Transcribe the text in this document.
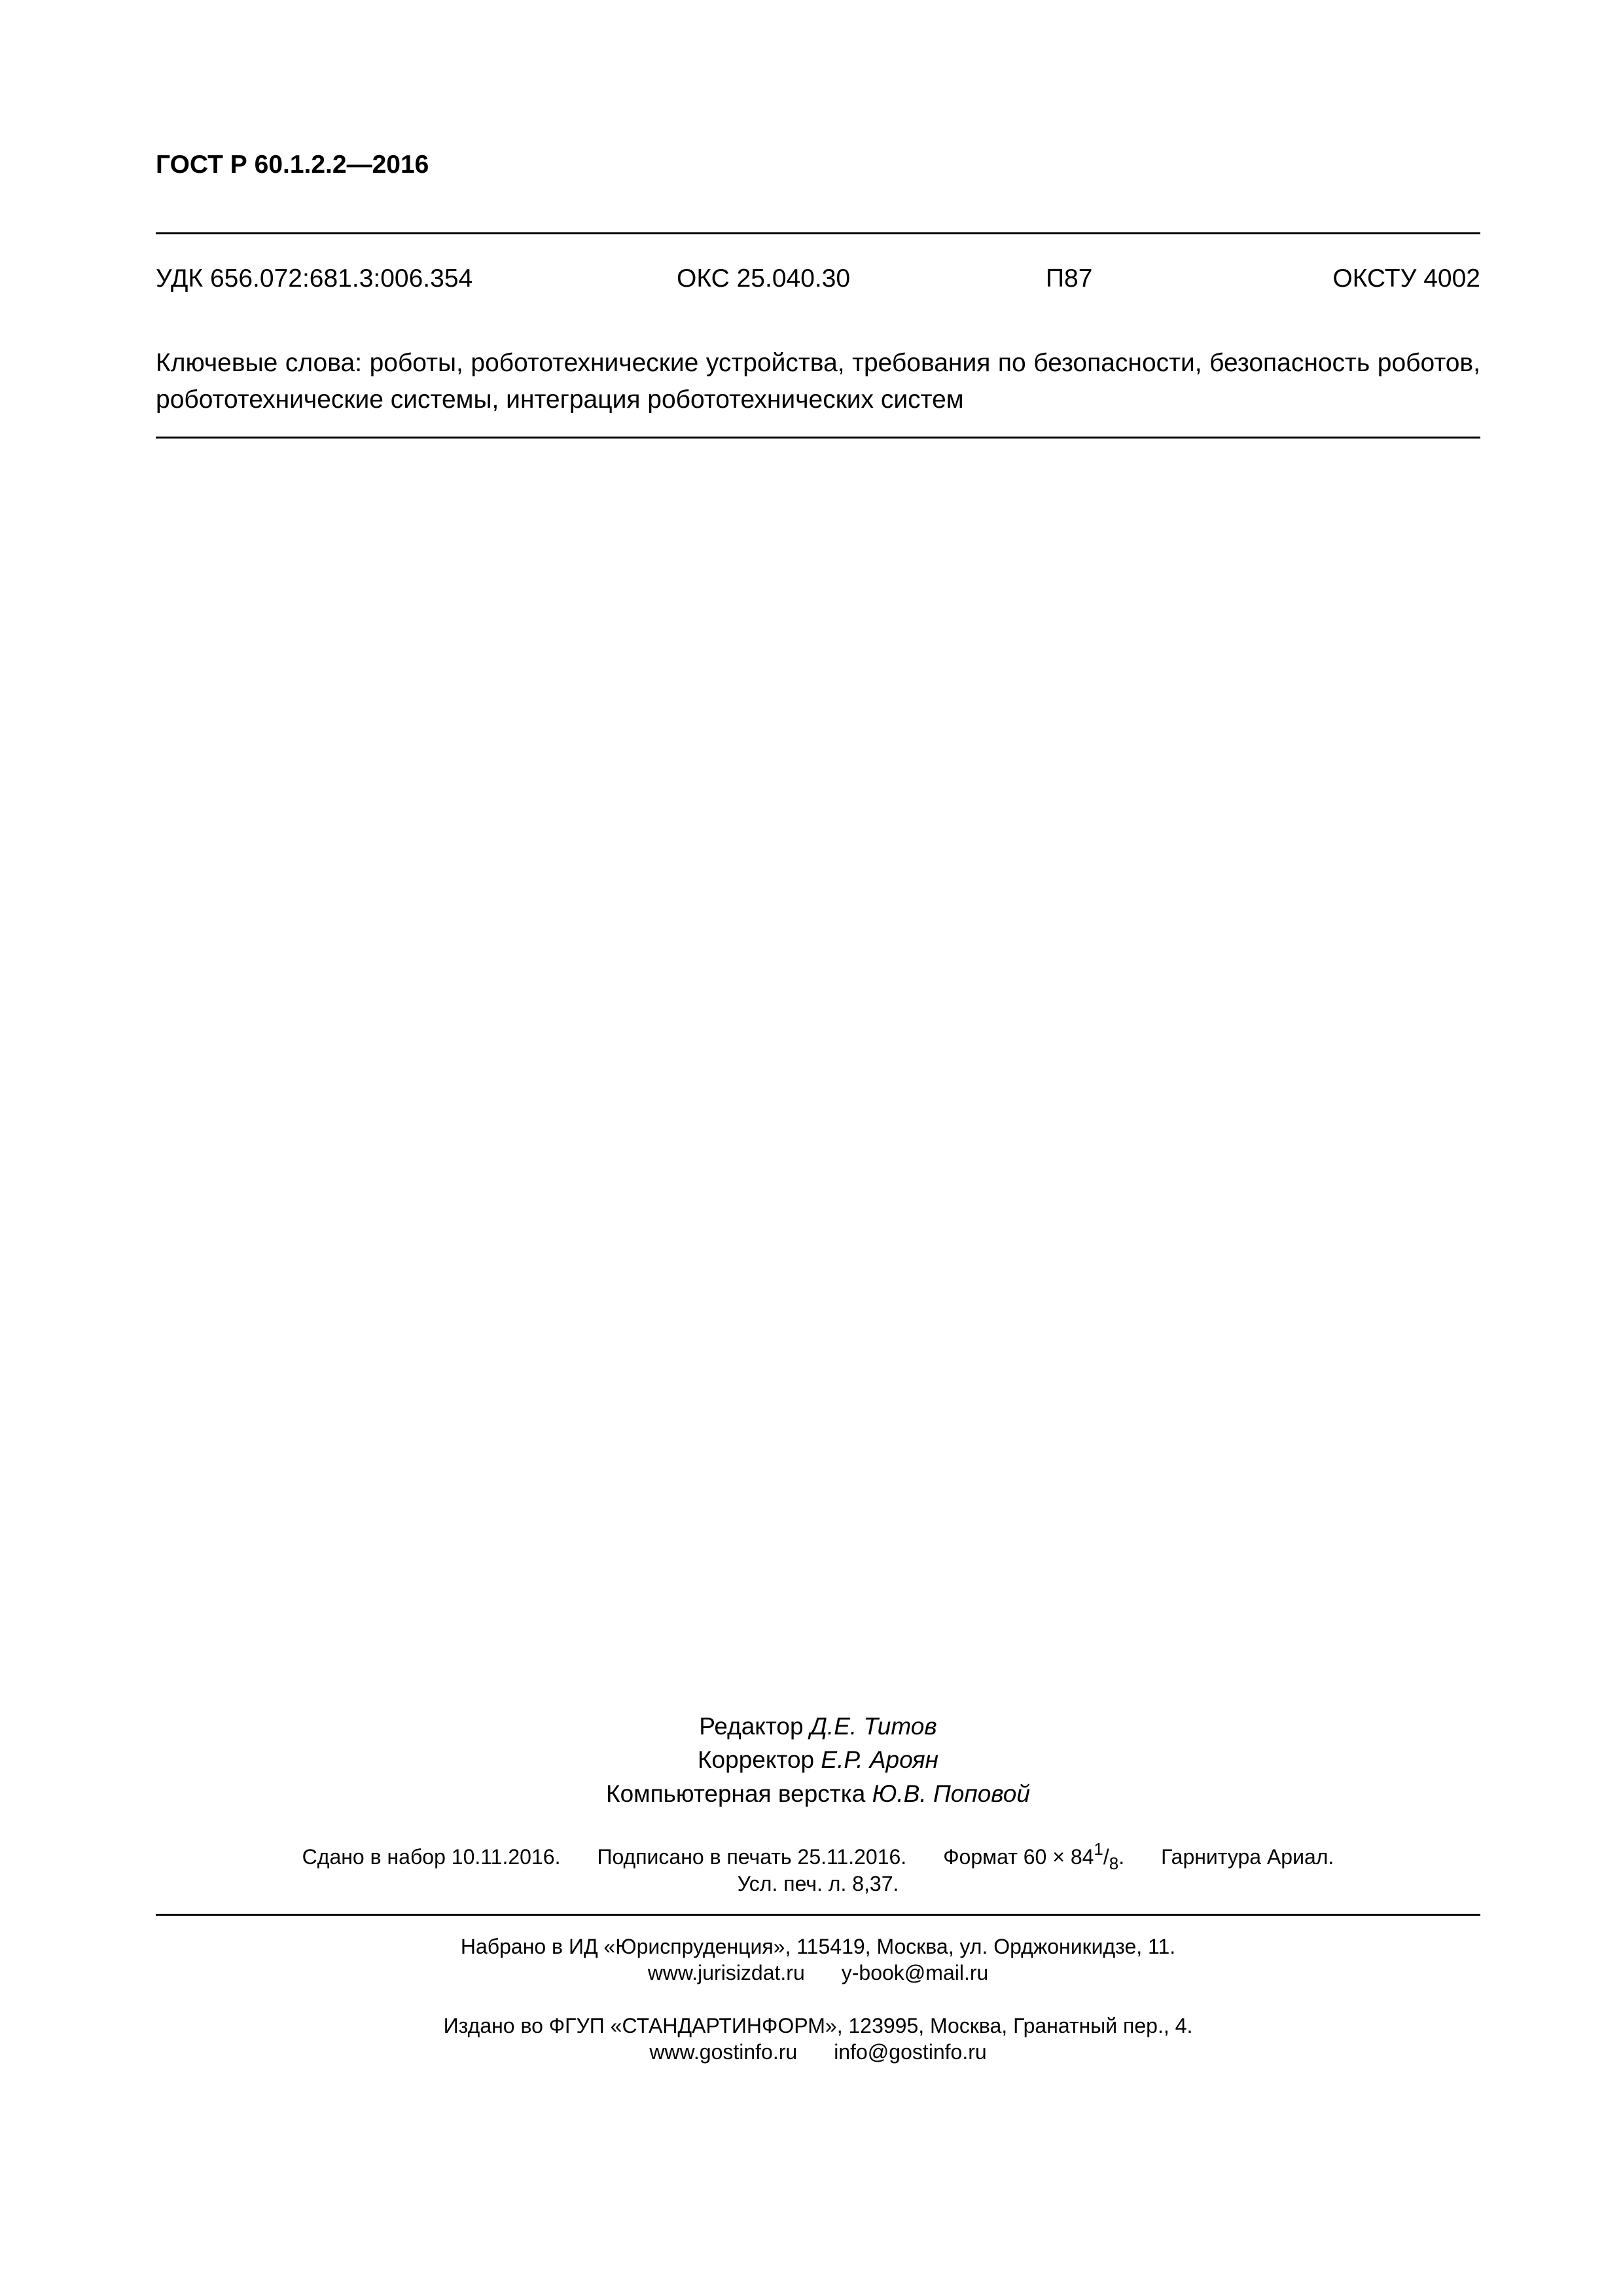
ГОСТ Р 60.1.2.2—2016
УДК 656.072:681.3:006.354	ОКС 25.040.30	П87	ОКСТУ 4002
Ключевые слова: роботы, робототехнические устройства, требования по безопасности, безопасность роботов, робототехнические системы, интеграция робототехнических систем
Редактор Д.Е. Титов
Корректор Е.Р. Ароян
Компьютерная верстка Ю.В. Поповой
Сдано в набор 10.11.2016. Подписано в печать 25.11.2016. Формат $60 \times 84^1/_8$. Гарнитура Ариал.
Усл. печ. л. 8,37.
Набрано в ИД «Юриспруденция», 115419, Москва, ул. Орджоникидзе, 11.
www.jurisizdat.ru y-book@mail.ru
Издано во ФГУП «СТАНДАРТИНФОРМ», 123995, Москва, Гранатный пер., 4.
www.gostinfo.ru info@gostinfo.ru
